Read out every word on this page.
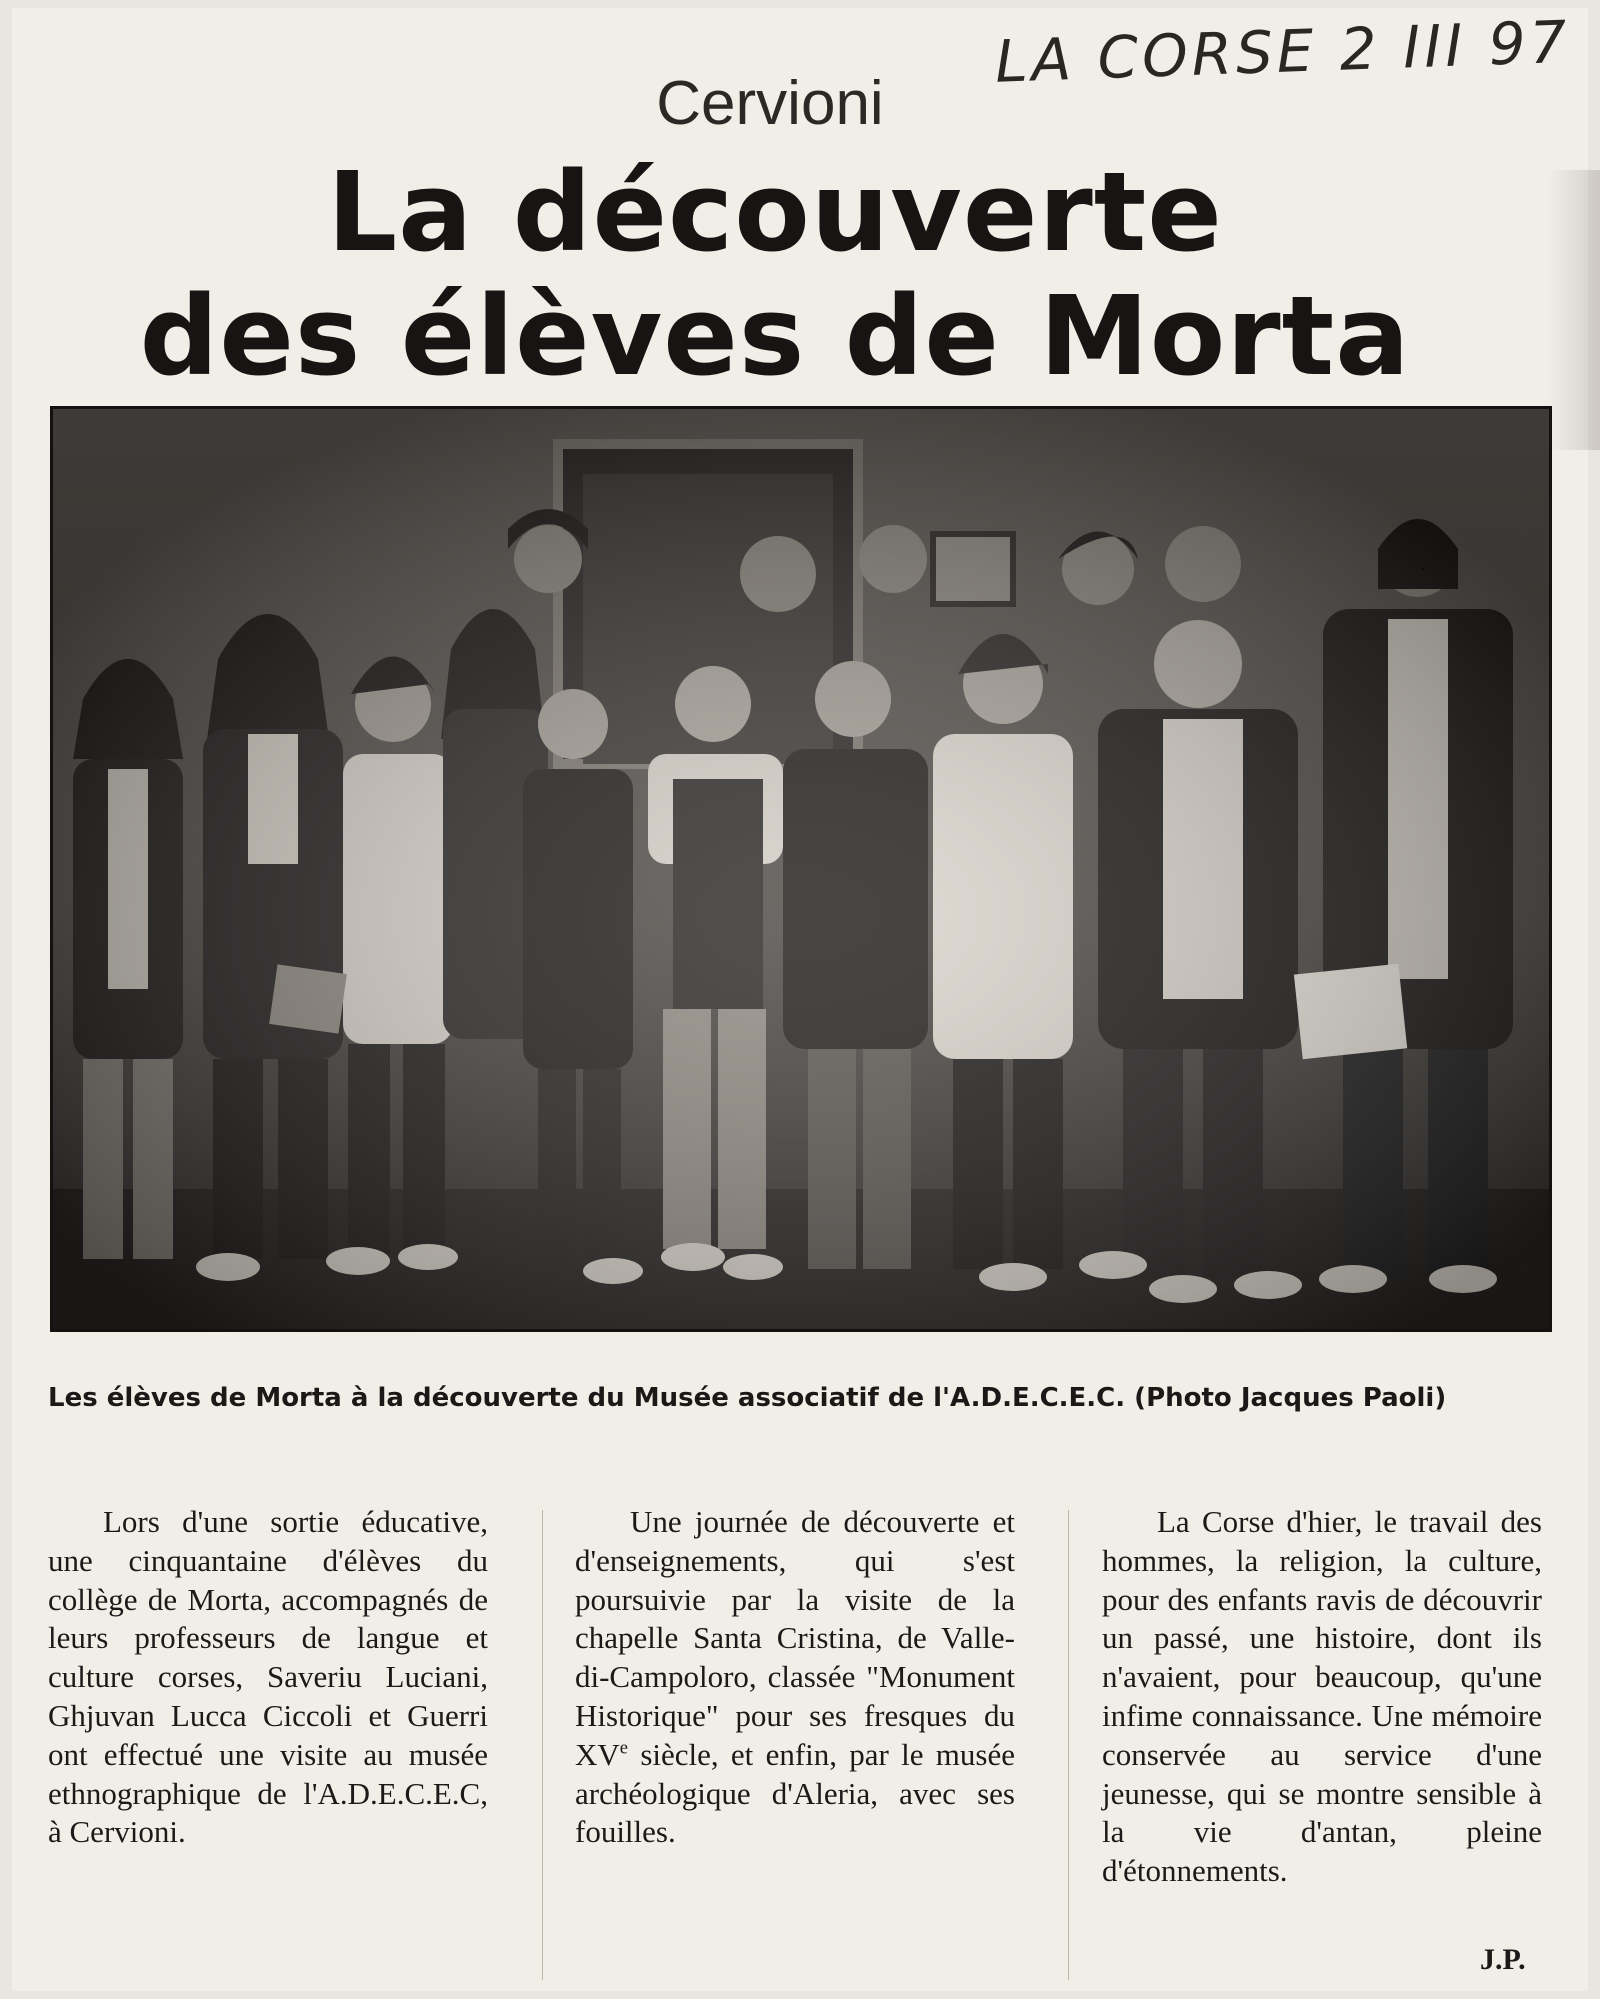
LA CORSE 2 III 97
Cervioni
La découverte
des élèves de Morta

Les élèves de Morta à la découverte du Musée associatif de l'A.D.E.C.E.C. (Photo Jacques Paoli)

Lors d'une sortie éducative, une cinquantaine d'élèves du collège de Morta, accompagnés de leurs professeurs de langue et culture corses, Saveriu Luciani, Ghjuvan Lucca Ciccoli et Guerri ont effectué une visite au musée ethnographique de l'A.D.E.C.E.C, à Cervioni.

Une journée de découverte et d'enseignements, qui s'est poursuivie par la visite de la chapelle Santa Cristina, de Valle-di-Campoloro, classée "Monument Historique" pour ses fresques du XVe siècle, et enfin, par le musée archéologique d'Aleria, avec ses fouilles.

La Corse d'hier, le travail des hommes, la religion, la culture, pour des enfants ravis de découvrir un passé, une histoire, dont ils n'avaient, pour beaucoup, qu'une infime connaissance. Une mémoire conservée au service d'une jeunesse, qui se montre sensible à la vie d'antan, pleine d'étonnements.

J.P.
